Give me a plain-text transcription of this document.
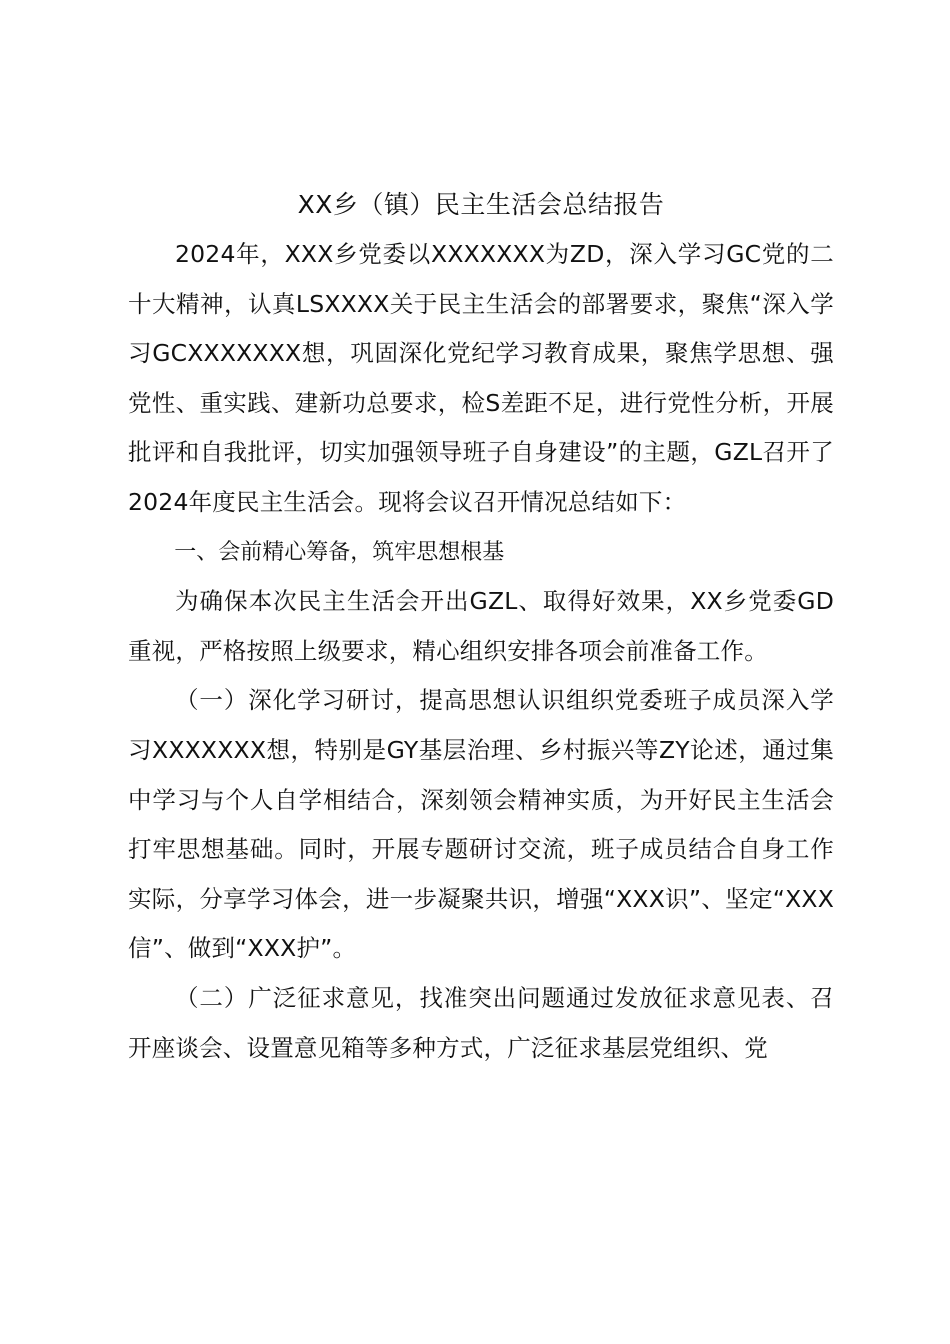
XX乡（镇）民主生活会总结报告

2024年，XXX乡党委以XXXXXXX为ZD，深入学习GC党的二十大精神，认真LSXXXX关于民主生活会的部署要求，聚焦“深入学习GCXXXXXXX想，巩固深化党纪学习教育成果，聚焦学思想、强党性、重实践、建新功总要求，检S差距不足，进行党性分析，开展批评和自我批评，切实加强领导班子自身建设”的主题，GZL召开了2024年度民主生活会。现将会议召开情况总结如下：

一、会前精心筹备，筑牢思想根基

为确保本次民主生活会开出GZL、取得好效果，XX乡党委GD重视，严格按照上级要求，精心组织安排各项会前准备工作。

（一）深化学习研讨，提高思想认识组织党委班子成员深入学习XXXXXXX想，特别是GY基层治理、乡村振兴等ZY论述，通过集中学习与个人自学相结合，深刻领会精神实质，为开好民主生活会打牢思想基础。同时，开展专题研讨交流，班子成员结合自身工作实际，分享学习体会，进一步凝聚共识，增强“XXX识”、坚定“XXX信”、做到“XXX护”。

（二）广泛征求意见，找准突出问题通过发放征求意见表、召开座谈会、设置意见箱等多种方式，广泛征求基层党组织、党
